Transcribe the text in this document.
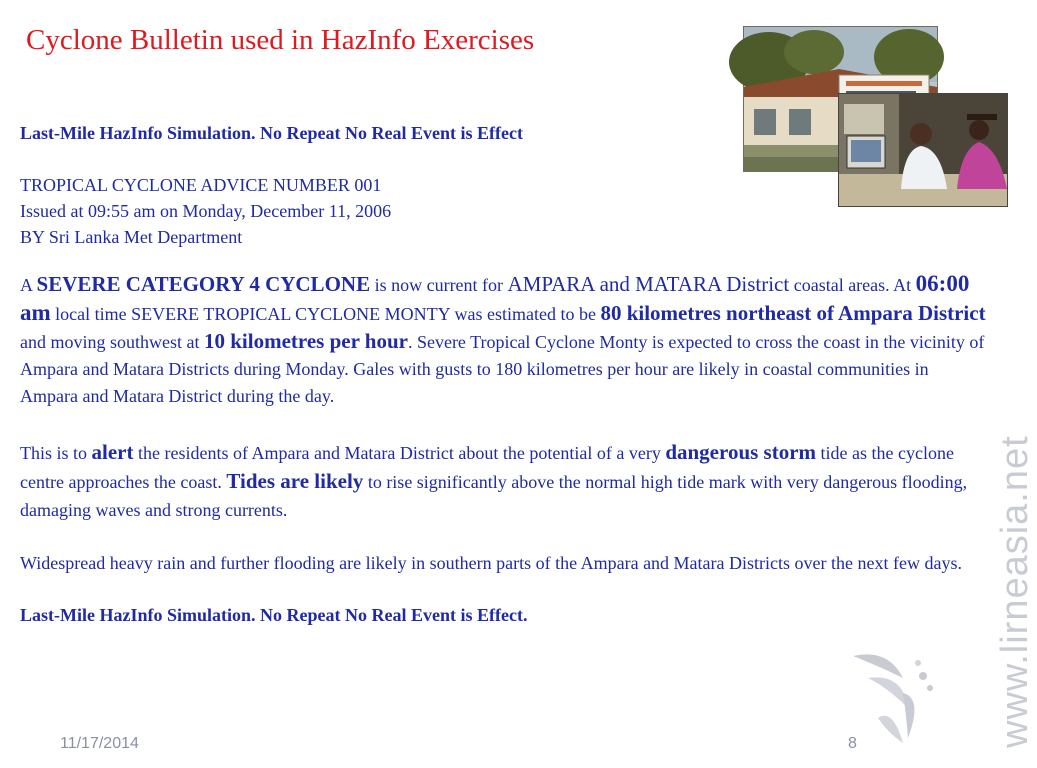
Cyclone Bulletin used in HazInfo Exercises

Last-Mile HazInfo Simulation. No Repeat No Real Event is Effect

TROPICAL CYCLONE ADVICE NUMBER 001

Issued at 09:55 am on Monday, December 11, 2006

BY Sri Lanka Met Department

A SEVERE CATEGORY 4 CYCLONE is now current for AMPARA and MATARA District coastal areas. At 06:00 am local time SEVERE TROPICAL CYCLONE MONTY was estimated to be 80 kilometres northeast of Ampara District and moving southwest at 10 kilometres per hour. Severe Tropical Cyclone Monty is expected to cross the coast in the vicinity of Ampara and Matara Districts during Monday. Gales with gusts to 180 kilometres per hour are likely in coastal communities in Ampara and Matara District during the day.

This is to alert the residents of Ampara and Matara District about the potential of a very dangerous storm tide as the cyclone centre approaches the coast. Tides are likely to rise significantly above the normal high tide mark with very dangerous flooding, damaging waves and strong currents.

Widespread heavy rain and further flooding are likely in southern parts of the Ampara and Matara Districts over the next few days.

Last-Mile HazInfo Simulation. No Repeat No Real Event is Effect.

11/17/2014	8	www.lirneasia.net
